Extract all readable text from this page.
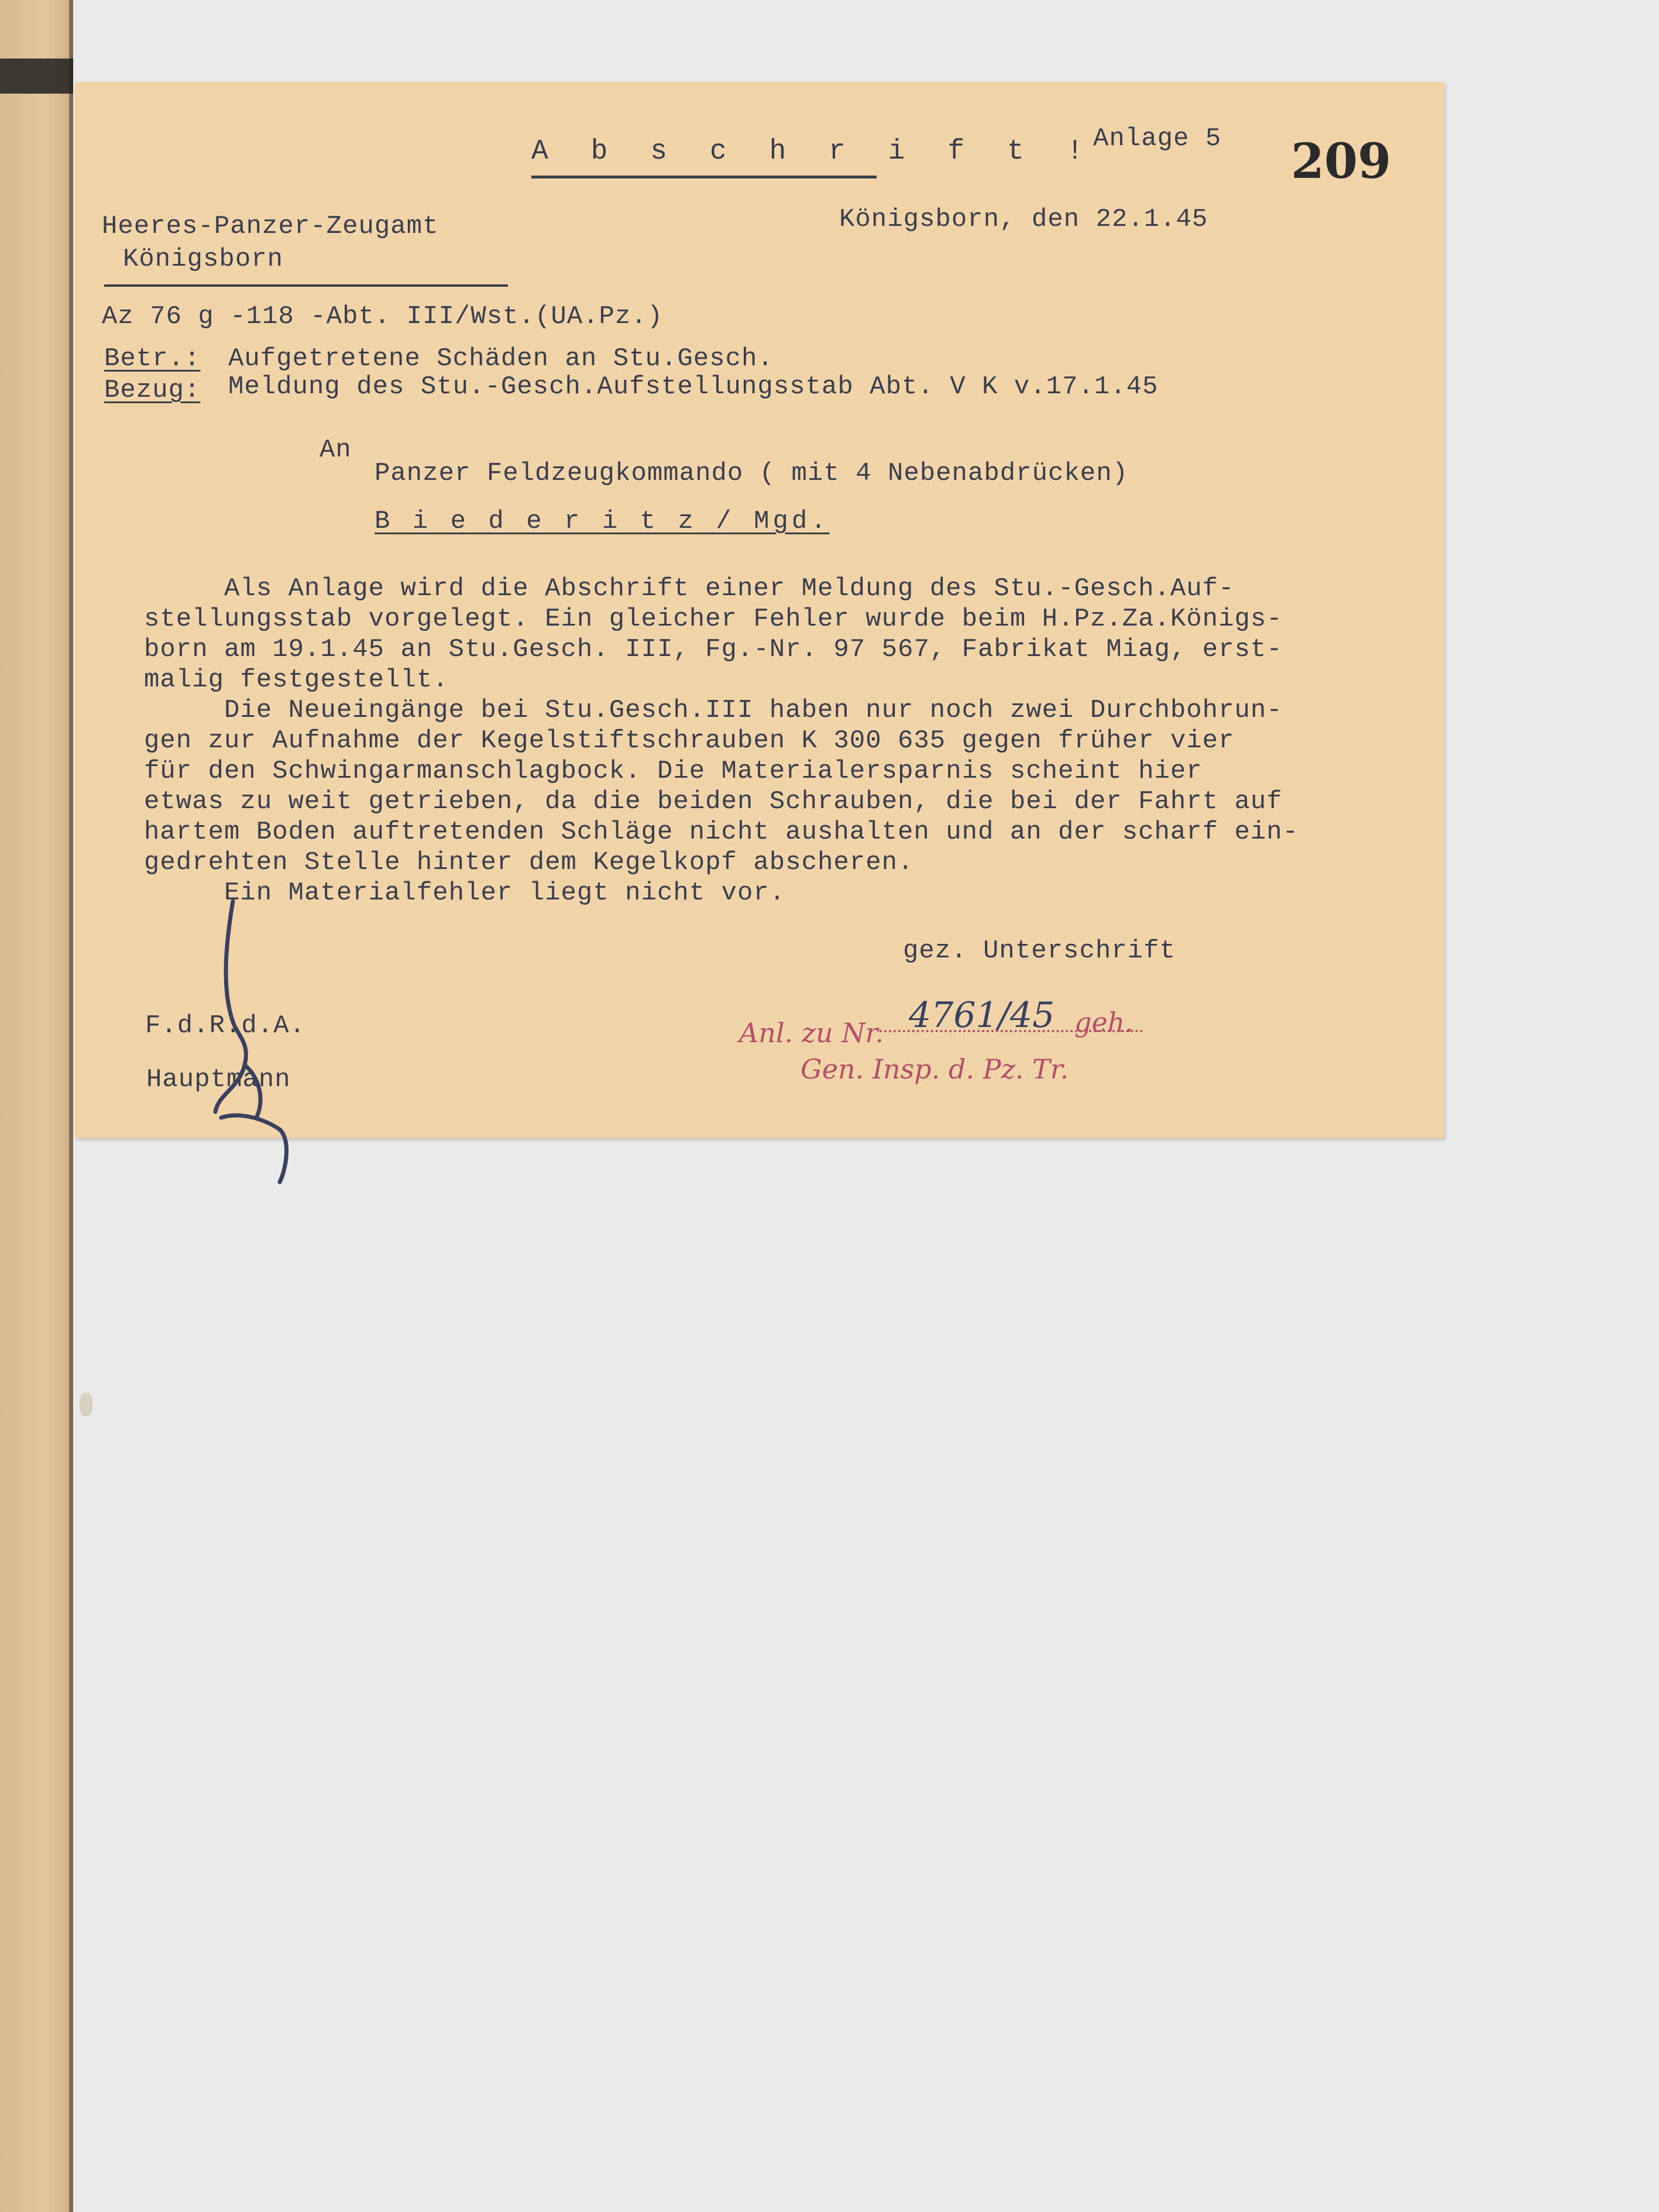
A b s c h r i f t !
Anlage 5 209
Heeres-Panzer-Zeugamt
Königsborn
Königsborn, den 22.1.45
Az 76 g -118 -Abt. III/Wst.(UA.Pz.)
Betr.: Aufgetretene Schäden an Stu.Gesch.
Bezug: Meldung des Stu.-Gesch.Aufstellungsstab Abt. V K v.17.1.45
An
Panzer Feldzeugkommando ( mit 4 Nebenabdrücken)
B i e d e r i t z / Mgd.
Als Anlage wird die Abschrift einer Meldung des Stu.-Gesch.Auf-
stellungsstab vorgelegt. Ein gleicher Fehler wurde beim H.Pz.Za.Königs-
born am 19.1.45 an Stu.Gesch. III, Fg.-Nr. 97 567, Fabrikat Miag, erst-
malig festgestellt.
Die Neueingänge bei Stu.Gesch.III haben nur noch zwei Durchbohrun-
gen zur Aufnahme der Kegelstiftschrauben K 300 635 gegen früher vier
für den Schwingarmanschlagbock. Die Materialersparnis scheint hier
etwas zu weit getrieben, da die beiden Schrauben, die bei der Fahrt auf
hartem Boden auftretenden Schläge nicht aushalten und an der scharf ein-
gedrehten Stelle hinter dem Kegelkopf abscheren.
Ein Materialfehler liegt nicht vor.
gez. Unterschrift
F.d.R.d.A.
Hauptmann
Anl. zu Nr. 4761/45 geh.
Gen. Insp. d. Pz. Tr.
